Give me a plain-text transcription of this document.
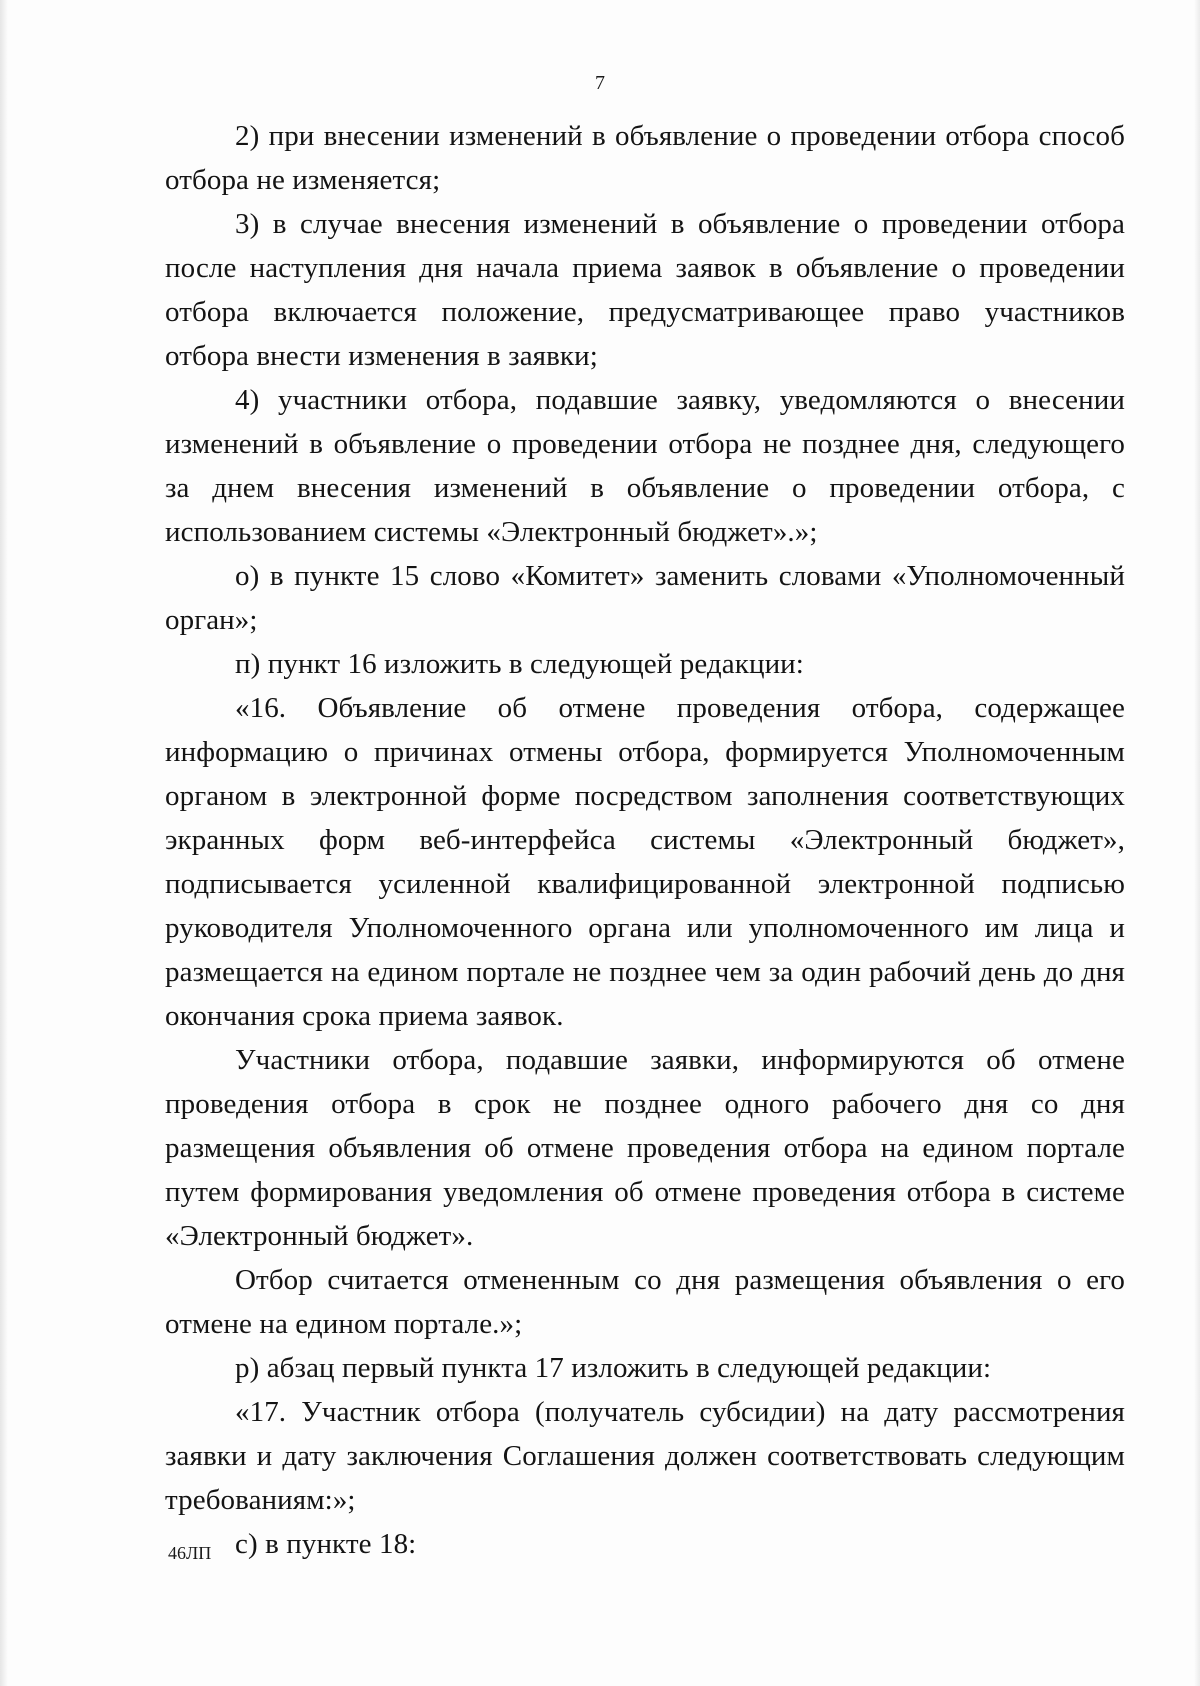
7

2) при внесении изменений в объявление о проведении отбора способ отбора не изменяется;

3) в случае внесения изменений в объявление о проведении отбора после наступления дня начала приема заявок в объявление о проведении отбора включается положение, предусматривающее право участников отбора внести изменения в заявки;

4) участники отбора, подавшие заявку, уведомляются о внесении изменений в объявление о проведении отбора не позднее дня, следующего за днем внесения изменений в объявление о проведении отбора, с использованием системы «Электронный бюджет».»;

о) в пункте 15 слово «Комитет» заменить словами «Уполномоченный орган»;

п) пункт 16 изложить в следующей редакции:

«16. Объявление об отмене проведения отбора, содержащее информацию о причинах отмены отбора, формируется Уполномоченным органом в электронной форме посредством заполнения соответствующих экранных форм веб-интерфейса системы «Электронный бюджет», подписывается усиленной квалифицированной электронной подписью руководителя Уполномоченного органа или уполномоченного им лица и размещается на едином портале не позднее чем за один рабочий день до дня окончания срока приема заявок.

Участники отбора, подавшие заявки, информируются об отмене проведения отбора в срок не позднее одного рабочего дня со дня размещения объявления об отмене проведения отбора на едином портале путем формирования уведомления об отмене проведения отбора в системе «Электронный бюджет».

Отбор считается отмененным со дня размещения объявления о его отмене на едином портале.»;

р) абзац первый пункта 17 изложить в следующей редакции:

«17. Участник отбора (получатель субсидии) на дату рассмотрения заявки и дату заключения Соглашения должен соответствовать следующим требованиям:»;

с) в пункте 18:

46ЛП
